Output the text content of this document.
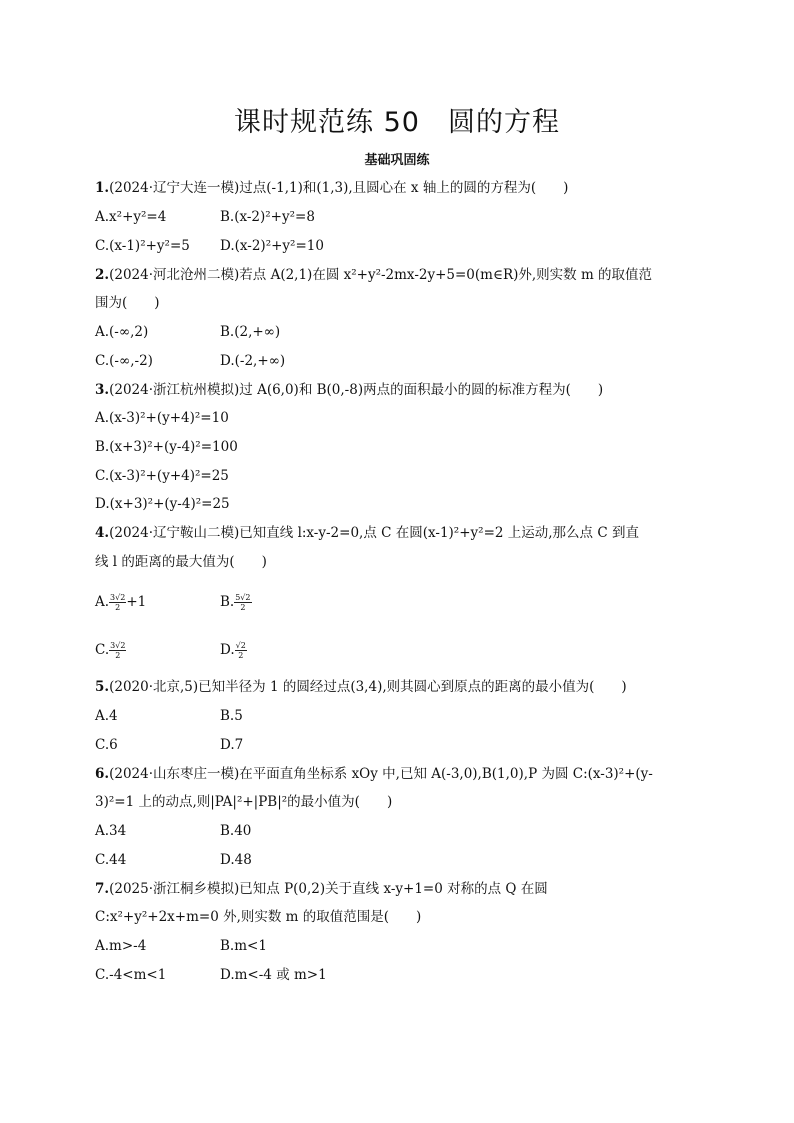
课时规范练 50　圆的方程
基础巩固练
1.(2024·辽宁大连一模)过点(-1,1)和(1,3),且圆心在 x 轴上的圆的方程为(　　)
A.x²+y²=4	B.(x-2)²+y²=8
C.(x-1)²+y²=5 D.(x-2)²+y²=10
2.(2024·河北沧州二模)若点 A(2,1)在圆 x²+y²-2mx-2y+5=0(m∈R)外,则实数 m 的取值范
围为(　　)
A.(-∞,2)	B.(2,+∞)
C.(-∞,-2)	D.(-2,+∞)
3.(2024·浙江杭州模拟)过 A(6,0)和 B(0,-8)两点的面积最小的圆的标准方程为(　　)
A.(x-3)²+(y+4)²=10
B.(x+3)²+(y-4)²=100
C.(x-3)²+(y+4)²=25
D.(x+3)²+(y-4)²=25
4.(2024·辽宁鞍山二模)已知直线 l:x-y-2=0,点 C 在圆(x-1)²+y²=2 上运动,那么点 C 到直
线 l 的距离的最大值为(　　)
A. $\frac{3√2}{2} +1$	B. $\frac{5√2}{2}$
C. $\frac{3√2}{2}$	D. $\frac{√2}{2}$
5.(2020·北京,5)已知半径为 1 的圆经过点(3,4),则其圆心到原点的距离的最小值为(　　)
A.4	B.5
C.6	D.7
6.(2024·山东枣庄一模)在平面直角坐标系 xOy 中,已知 A(-3,0),B(1,0),P 为圆 C:(x-3)²+(y-
3)²=1 上的动点,则|PA|²+|PB|²的最小值为(　　)
A.34	B.40
C.44	D.48
7.(2025·浙江桐乡模拟)已知点 P(0,2)关于直线 x-y+1=0 对称的点 Q 在圆
C:x²+y²+2x+m=0 外,则实数 m 的取值范围是(　　)
A.m>-4	B.m<1
C.-4<m<1	D.m<-4 或 m>1
